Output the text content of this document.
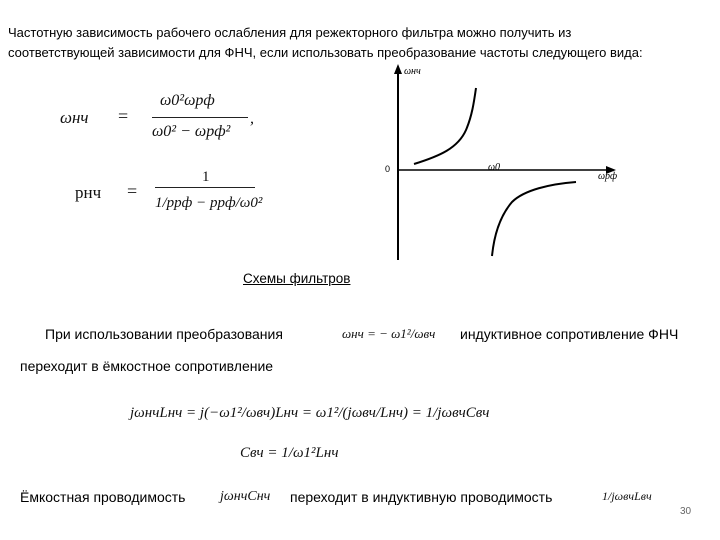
Частотную зависимость рабочего ослабления для режекторного фильтра можно получить из
соответствующей зависимости для ФНЧ, если использовать преобразование частоты следующего вида:
ωнч =
ω0²ωрф
ω0² − ωрф²
,
pнч =
1
1/pрф − pрф/ω0²
ωнч
0	ω0
ωрф
Схемы фильтров
При использовании преобразования	ωнч = − ω1²/ωвч индуктивное сопротивление ФНЧ
переходит в ёмкостное сопротивление
jωнчLнч = j(−ω1²/ωвч)Lнч = ω1²/(jωвч/Lнч) = 1/jωвчCвч
Cвч = 1/ω1²Lнч
Ёмкостная проводимость jωнчCнч переходит в индуктивную проводимость	1/jωвчLвч
30
